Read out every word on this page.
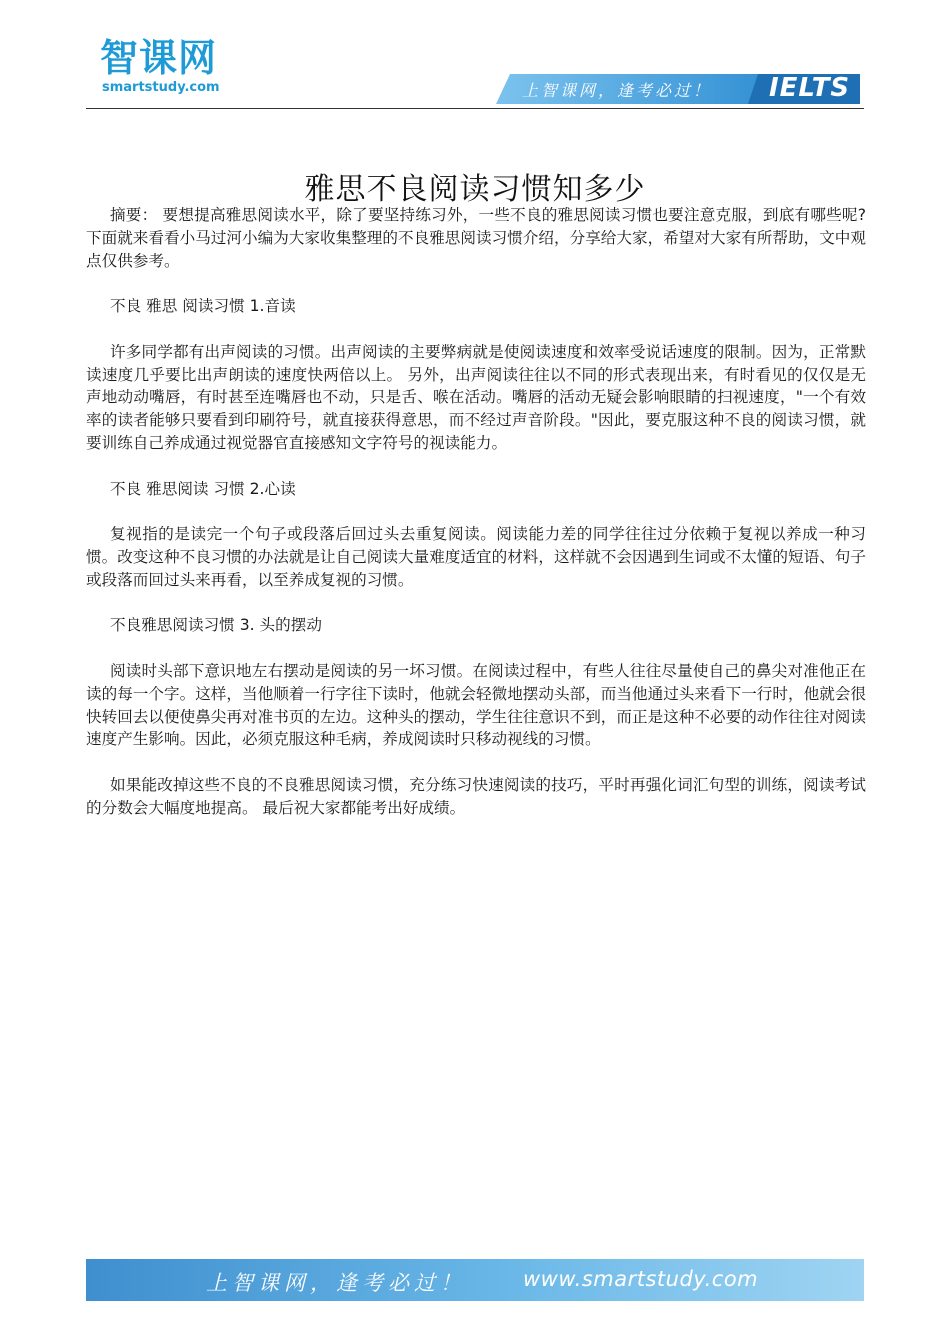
智课网
smartstudy.com	上智课网，逢考必过！ IELTS
雅思不良阅读习惯知多少

摘要： 要想提高雅思阅读水平，除了要坚持练习外，一些不良的雅思阅读习惯也要注意克服，到底有哪些呢?下面就来看看小马过河小编为大家收集整理的不良雅思阅读习惯介绍，分享给大家，希望对大家有所帮助，文中观点仅供参考。

不良 雅思 阅读习惯 1.音读

许多同学都有出声阅读的习惯。出声阅读的主要弊病就是使阅读速度和效率受说话速度的限制。因为，正常默读速度几乎要比出声朗读的速度快两倍以上。 另外，出声阅读往往以不同的形式表现出来，有时看见的仅仅是无声地动动嘴唇，有时甚至连嘴唇也不动，只是舌、喉在活动。嘴唇的活动无疑会影响眼睛的扫视速度，"一个有效率的读者能够只要看到印刷符号，就直接获得意思，而不经过声音阶段。"因此，要克服这种不良的阅读习惯，就要训练自己养成通过视觉器官直接感知文字符号的视读能力。

不良 雅思阅读 习惯 2.心读

复视指的是读完一个句子或段落后回过头去重复阅读。阅读能力差的同学往往过分依赖于复视以养成一种习惯。改变这种不良习惯的办法就是让自己阅读大量难度适宜的材料，这样就不会因遇到生词或不太懂的短语、句子或段落而回过头来再看，以至养成复视的习惯。

不良雅思阅读习惯 3. 头的摆动

阅读时头部下意识地左右摆动是阅读的另一坏习惯。在阅读过程中，有些人往往尽量使自己的鼻尖对准他正在读的每一个字。这样，当他顺着一行字往下读时，他就会轻微地摆动头部，而当他通过头来看下一行时，他就会很快转回去以便使鼻尖再对准书页的左边。这种头的摆动，学生往往意识不到，而正是这种不必要的动作往往对阅读速度产生影响。因此，必须克服这种毛病，养成阅读时只移动视线的习惯。

如果能改掉这些不良的不良雅思阅读习惯，充分练习快速阅读的技巧，平时再强化词汇句型的训练，阅读考试的分数会大幅度地提高。 最后祝大家都能考出好成绩。

上智课网，逢考必过！	www.smartstudy.com
